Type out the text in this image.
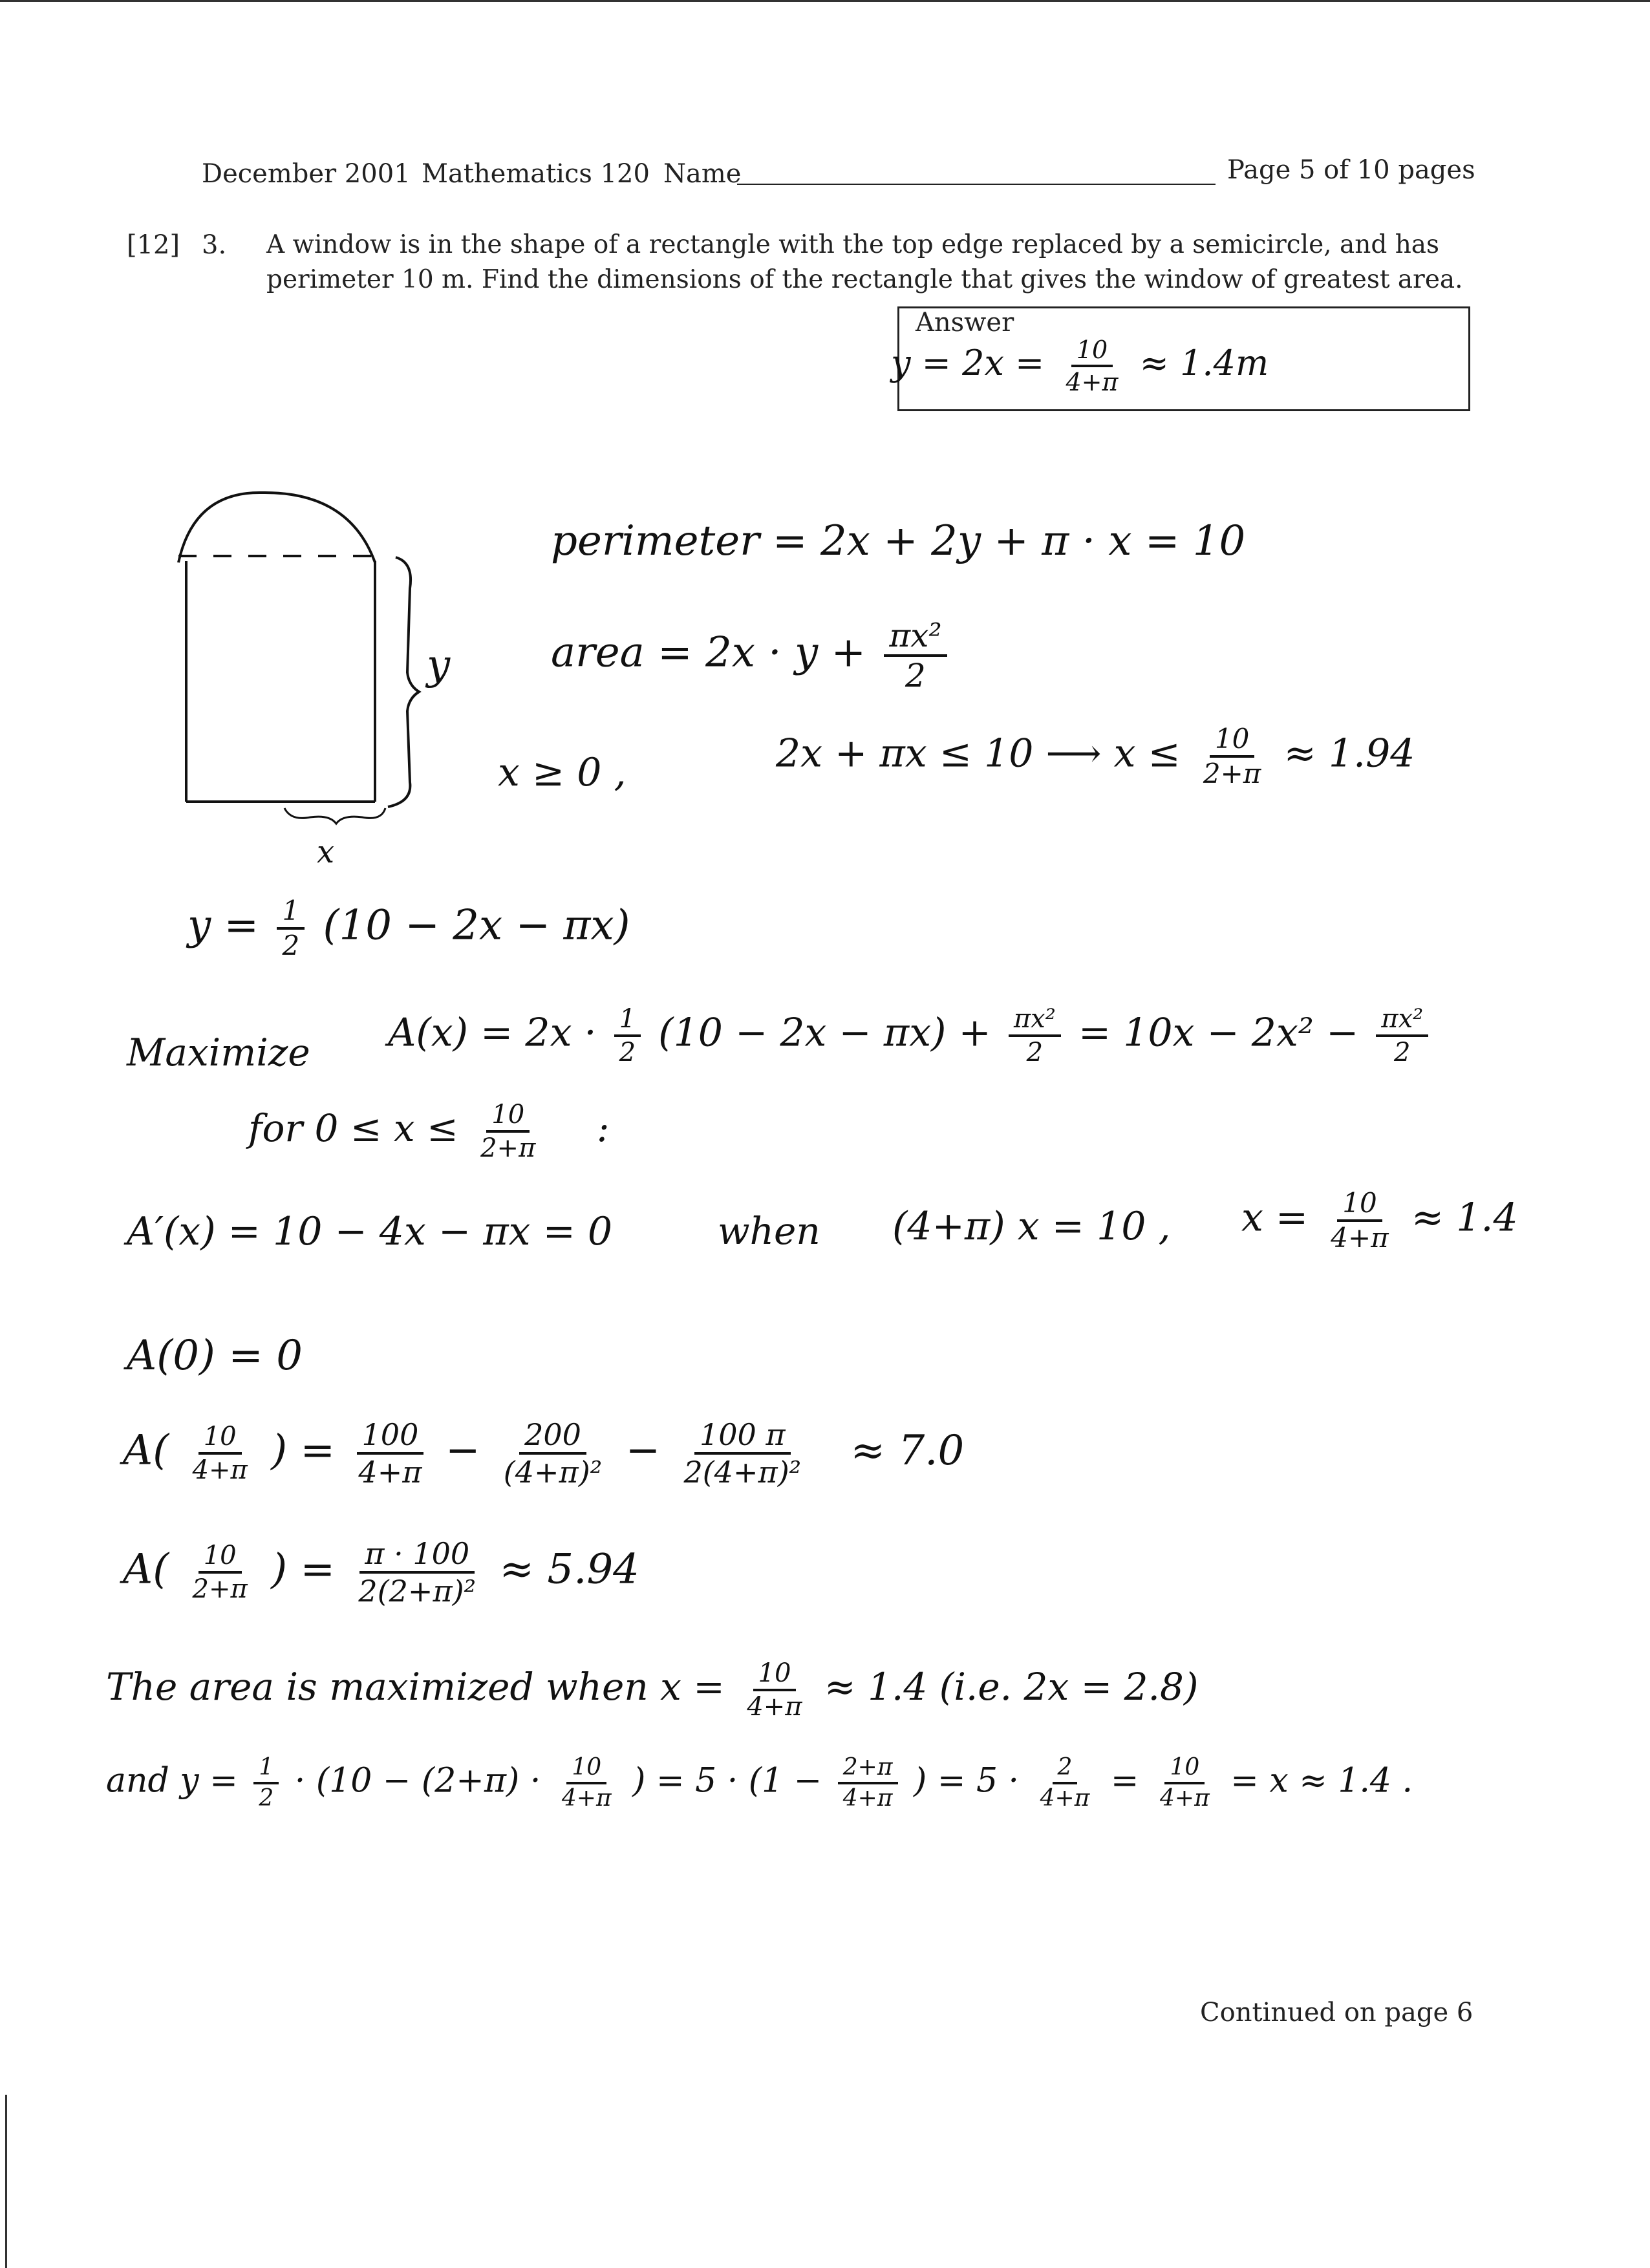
December 2001 Mathematics 120 Name	Page 5 of 10 pages
[12] 3. A window is in the shape of a rectangle with the top edge replaced by a semicircle, and has
perimeter 10 m. Find the dimensions of the rectangle that gives the window of greatest area.
Answer
$y = 2x = \frac{10}{4+\pi} \approx 1.4m$
y
x
perimeter = 2x + 2y + π · x = 10
area = $2x \cdot y + \frac{\text{πx²}}{2}$
x ≥ 0 ,	2x + πx ≤ 10 ⟶ $x \le \frac{10}{2+\pi} \approx 1.94$
$y = \frac{1}{2} (10 - 2x - \pi x)$
Maximize $A(x) = 2x \cdot \frac{1}{2} (10 - 2x - \pi x) + \frac{\text{πx²}}{2} = 10x - 2x^2 - \frac{\text{πx²}}{2}$
for $0 \le x \le \frac{10}{2+\pi}$ :
A′(x) = 10 − 4x − πx = 0	when (4+π) x = 10 , $x = \frac{10}{4+\pi} \approx 1.4$
A(0) = 0
$A( \frac{10}{4+\pi}$ ) = $\frac{100}{4+\pi} - \frac{200}{\text{(4+π)²}} - \frac{100 \pi}{\text{2(4+π)²}} \approx 7.0$
$A( \frac{10}{2+\pi}$ ) = $\frac{\pi \cdot 100}{\text{2(2+π)²}} \approx 5.94$
The area is maximized when $x = \frac{10}{4+\pi} \approx 1.4$ (i.e. 2x = 2.8)
and $y = \frac{1}{2} \cdot (10 - (2+\pi) \cdot \frac{10}{4+\pi}$ ) = $5 \cdot (1 - \frac{2+\pi}{4+\pi}$ ) = $5 \cdot \frac{2}{4+\pi} = \frac{10}{4+\pi} = x \approx 1.4$ .
Continued on page 6
